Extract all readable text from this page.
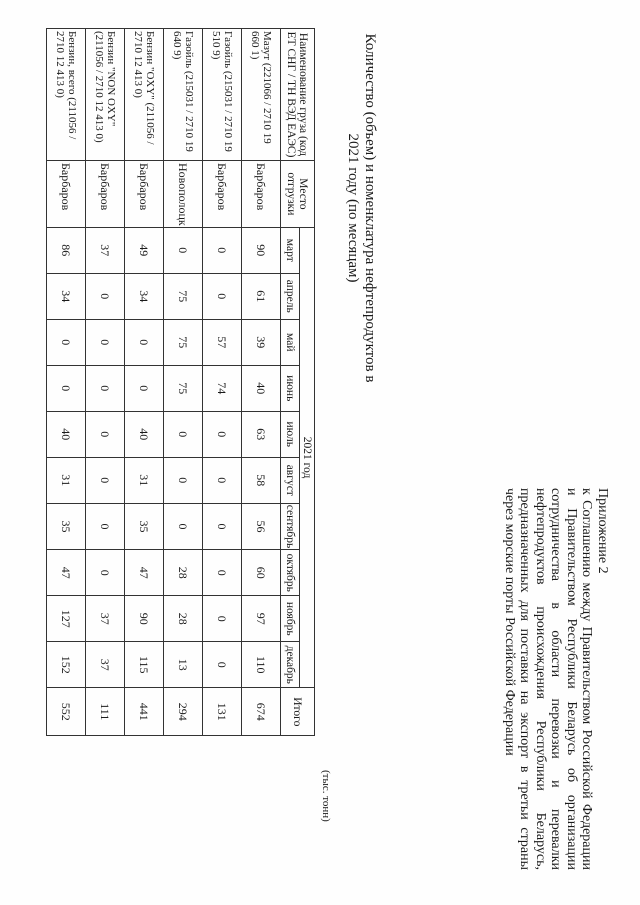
Приложение 2
к Соглашению между Правительством Российской Федерации и Правительством Республики Беларусь об организации сотрудничества в области перевозки и перевалки нефтепродуктов происхождения Республики Беларусь, предназначенных для поставки на экспорт в третьи страны через морские порты Российской Федерации
Количество (объем) и номенклатура нефтепродуктов в 2021 году (по месяцам)
(тыс. тонн)
Наименование груза (код ЕТ СНГ / ТН ВЭД ЕАЭС)	Место отгрузки	2021 год										Итого
		март	апрель	май	июнь	июль	август	сентябрь	октябрь	ноябрь	декабрь	
Мазут (221066 / 2710 19 660 1)	Барбаров	90	61	39	40	63	58	56	60	97	110	674
Газойль (215031 / 2710 19 510 9)	Барбаров	0	0	57	74	0	0	0	0	0	0	131
Газойль (215031 / 2710 19 640 9)	Новополоцк	0	75	75	75	0	0	0	28	28	13	294
Бензин "OXY" (211056 / 2710 12 413 0)	Барбаров	49	34	0	0	40	31	35	47	90	115	441
Бензин "NON OXY" (211056 / 2710 12 413 0)	Барбаров	37	0	0	0	0	0	0	0	37	37	111
Бензин, всего (211056 / 2710 12 413 0)	Барбаров	86	34	0	0	40	31	35	47	127	152	552
